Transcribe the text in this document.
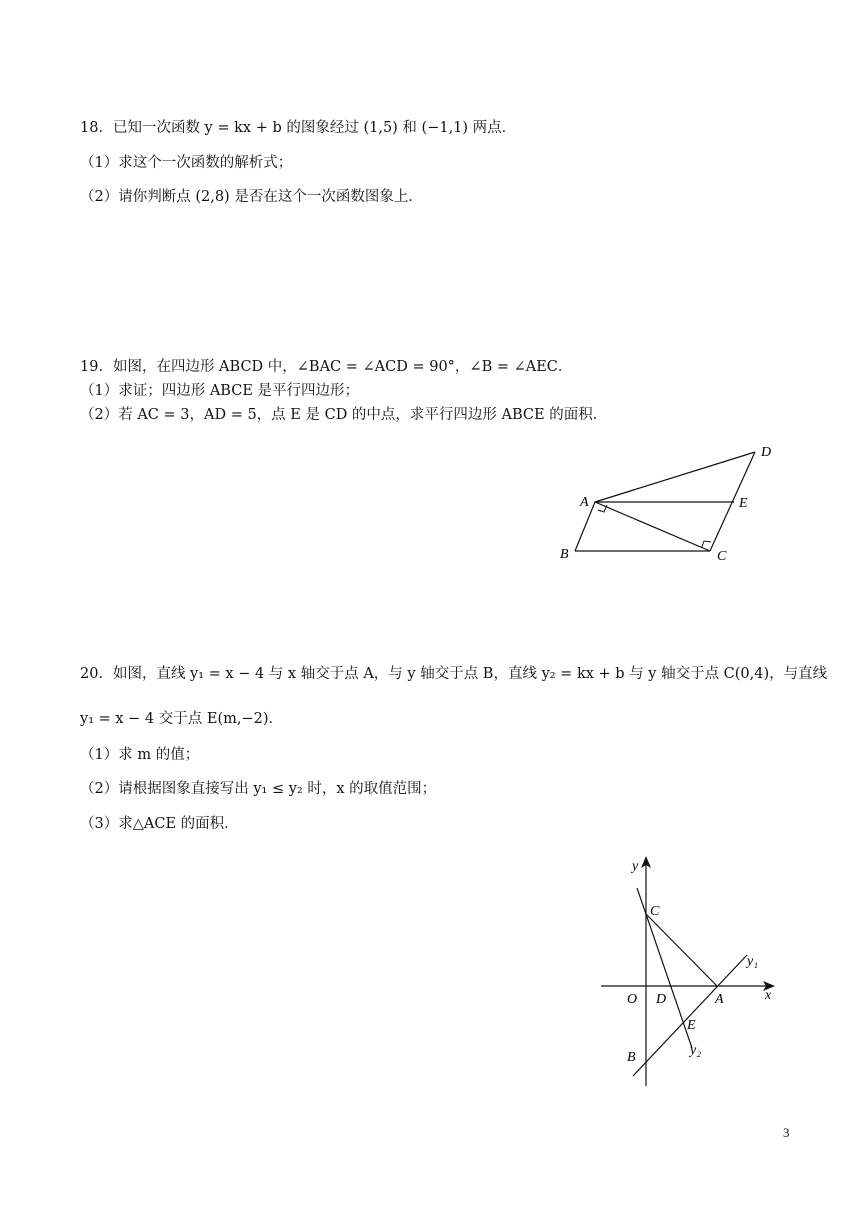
18．已知一次函数 y = kx + b 的图象经过 (1,5) 和 (−1,1) 两点．
（1）求这个一次函数的解析式；
（2）请你判断点 (2,8) 是否在这个一次函数图象上．
19．如图，在四边形 ABCD 中，∠BAC = ∠ACD = 90°，∠B = ∠AEC．
（1）求证；四边形 ABCE 是平行四边形；
（2）若 AC = 3，AD = 5，点 E 是 CD 的中点，求平行四边形 ABCE 的面积．
A
B	C
D
E
20．如图，直线 y₁ = x − 4 与 x 轴交于点 A，与 y 轴交于点 B，直线 y₂ = kx + b 与 y 轴交于点 C(0,4)，与直线
y₁ = x − 4 交于点 E(m,−2)．
（1）求 m 的值；
（2）请根据图象直接写出 y₁ ≤ y₂ 时，x 的取值范围；
（3）求△ACE 的面积．
y
x
O D	A
C
E
B
y₁
y₂
3
